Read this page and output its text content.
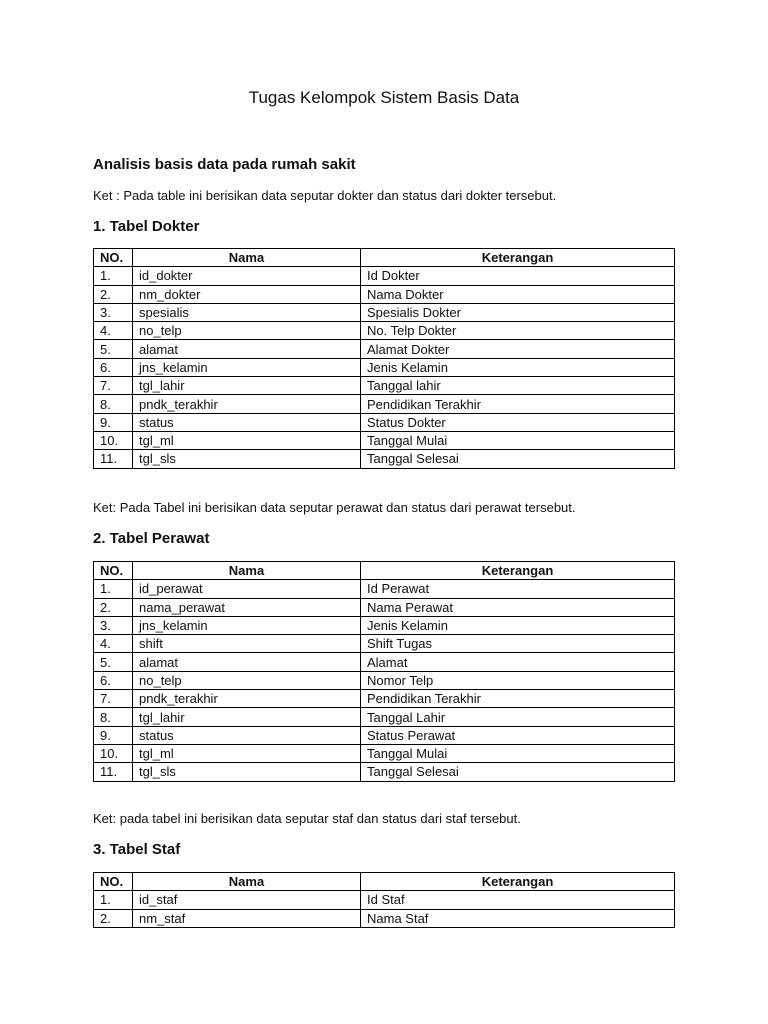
Tugas Kelompok Sistem Basis Data
Analisis basis data pada rumah sakit
Ket : Pada table ini berisikan data seputar dokter dan status dari dokter tersebut.
1. Tabel Dokter
NO.	Nama	Keterangan
1.	id_dokter	Id Dokter
2.	nm_dokter	Nama Dokter
3.	spesialis	Spesialis Dokter
4.	no_telp	No. Telp Dokter
5.	alamat	Alamat Dokter
6.	jns_kelamin	Jenis Kelamin
7.	tgl_lahir	Tanggal lahir
8.	pndk_terakhir	Pendidikan Terakhir
9.	status	Status Dokter
10.	tgl_ml	Tanggal Mulai
11.	tgl_sls	Tanggal Selesai
Ket: Pada Tabel ini berisikan data seputar perawat dan status dari perawat tersebut.
2. Tabel Perawat
NO.	Nama	Keterangan
1.	id_perawat	Id Perawat
2.	nama_perawat	Nama Perawat
3.	jns_kelamin	Jenis Kelamin
4.	shift	Shift Tugas
5.	alamat	Alamat
6.	no_telp	Nomor Telp
7.	pndk_terakhir	Pendidikan Terakhir
8.	tgl_lahir	Tanggal Lahir
9.	status	Status Perawat
10.	tgl_ml	Tanggal Mulai
11.	tgl_sls	Tanggal Selesai
Ket: pada tabel ini berisikan data seputar staf dan status dari staf tersebut.
3. Tabel Staf
NO.	Nama	Keterangan
1.	id_staf	Id Staf
2.	nm_staf	Nama Staf
